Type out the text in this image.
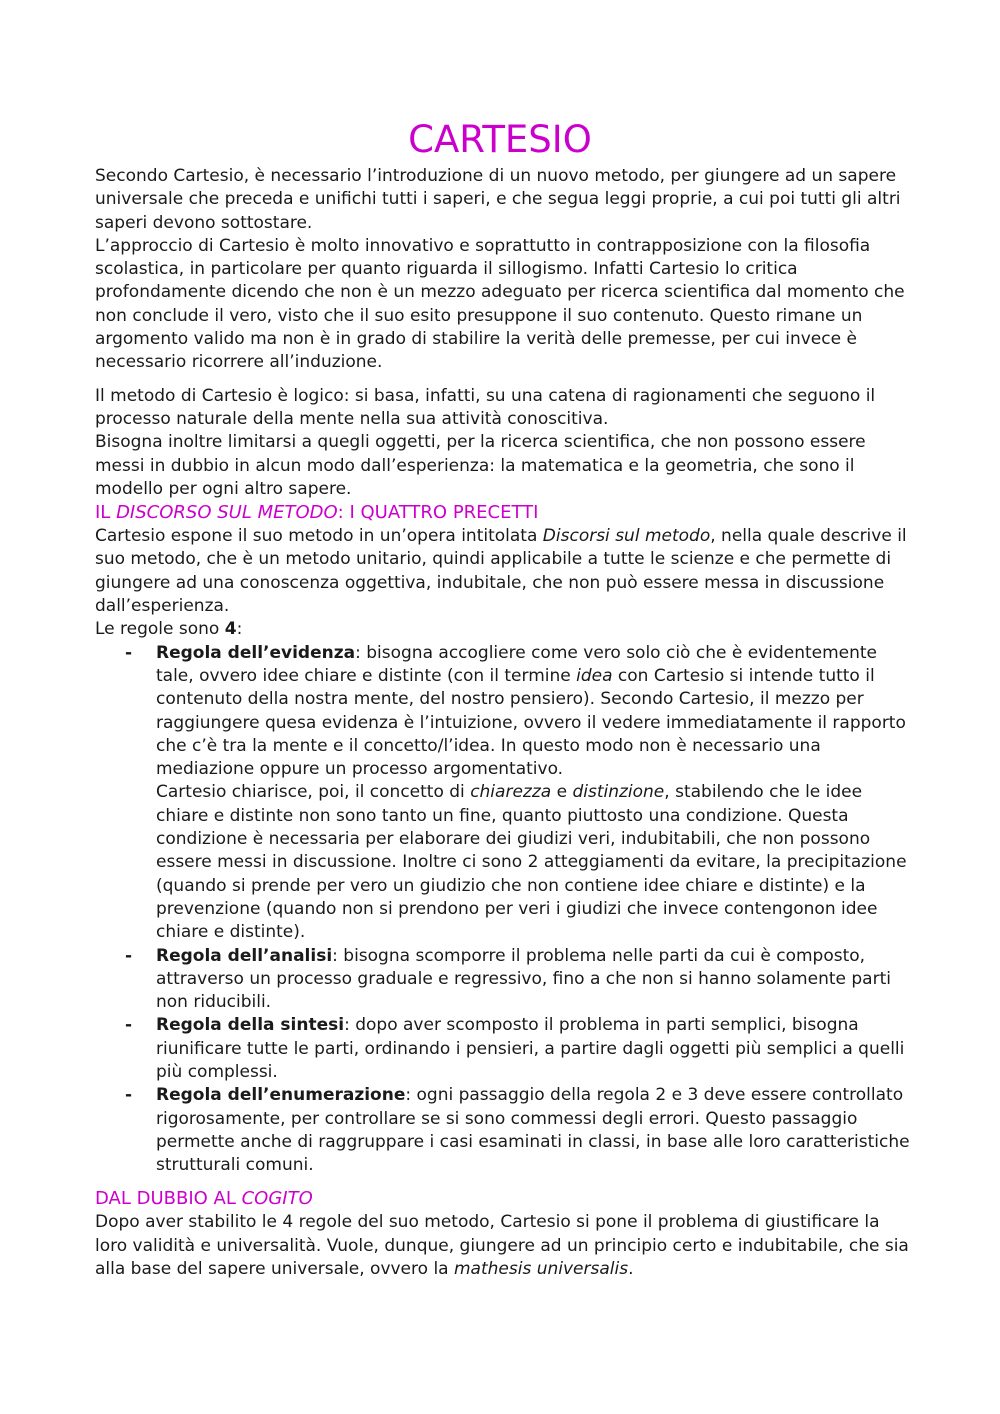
CARTESIO

Secondo Cartesio, è necessario l’introduzione di un nuovo metodo, per giungere ad un sapere universale che preceda e unifichi tutti i saperi, e che segua leggi proprie, a cui poi tutti gli altri saperi devono sottostare.

L’approccio di Cartesio è molto innovativo e soprattutto in contrapposizione con la filosofia scolastica, in particolare per quanto riguarda il sillogismo. Infatti Cartesio lo critica profondamente dicendo che non è un mezzo adeguato per ricerca scientifica dal momento che non conclude il vero, visto che il suo esito presuppone il suo contenuto. Questo rimane un argomento valido ma non è in grado di stabilire la verità delle premesse, per cui invece è necessario ricorrere all’induzione.

Il metodo di Cartesio è logico: si basa, infatti, su una catena di ragionamenti che seguono il processo naturale della mente nella sua attività conoscitiva.

Bisogna inoltre limitarsi a quegli oggetti, per la ricerca scientifica, che non possono essere messi in dubbio in alcun modo dall’esperienza: la matematica e la geometria, che sono il modello per ogni altro sapere.

IL DISCORSO SUL METODO: I QUATTRO PRECETTI

Cartesio espone il suo metodo in un’opera intitolata Discorsi sul metodo, nella quale descrive il suo metodo, che è un metodo unitario, quindi applicabile a tutte le scienze e che permette di giungere ad una conoscenza oggettiva, indubitale, che non può essere messa in discussione dall’esperienza.

Le regole sono 4:

- Regola dell’evidenza: bisogna accogliere come vero solo ciò che è evidentemente tale, ovvero idee chiare e distinte (con il termine idea con Cartesio si intende tutto il contenuto della nostra mente, del nostro pensiero). Secondo Cartesio, il mezzo per raggiungere quesa evidenza è l’intuizione, ovvero il vedere immediatamente il rapporto che c’è tra la mente e il concetto/l’idea. In questo modo non è necessario una mediazione oppure un processo argomentativo.

Cartesio chiarisce, poi, il concetto di chiarezza e distinzione, stabilendo che le idee chiare e distinte non sono tanto un fine, quanto piuttosto una condizione. Questa condizione è necessaria per elaborare dei giudizi veri, indubitabili, che non possono essere messi in discussione. Inoltre ci sono 2 atteggiamenti da evitare, la precipitazione (quando si prende per vero un giudizio che non contiene idee chiare e distinte) e la prevenzione (quando non si prendono per veri i giudizi che invece contengonon idee chiare e distinte).

- Regola dell’analisi: bisogna scomporre il problema nelle parti da cui è composto, attraverso un processo graduale e regressivo, fino a che non si hanno solamente parti non riducibili.

- Regola della sintesi: dopo aver scomposto il problema in parti semplici, bisogna riunificare tutte le parti, ordinando i pensieri, a partire dagli oggetti più semplici a quelli più complessi.

- Regola dell’enumerazione: ogni passaggio della regola 2 e 3 deve essere controllato rigorosamente, per controllare se si sono commessi degli errori. Questo passaggio permette anche di raggruppare i casi esaminati in classi, in base alle loro caratteristiche strutturali comuni.

DAL DUBBIO AL COGITO

Dopo aver stabilito le 4 regole del suo metodo, Cartesio si pone il problema di giustificare la loro validità e universalità. Vuole, dunque, giungere ad un principio certo e indubitabile, che sia alla base del sapere universale, ovvero la mathesis universalis.
